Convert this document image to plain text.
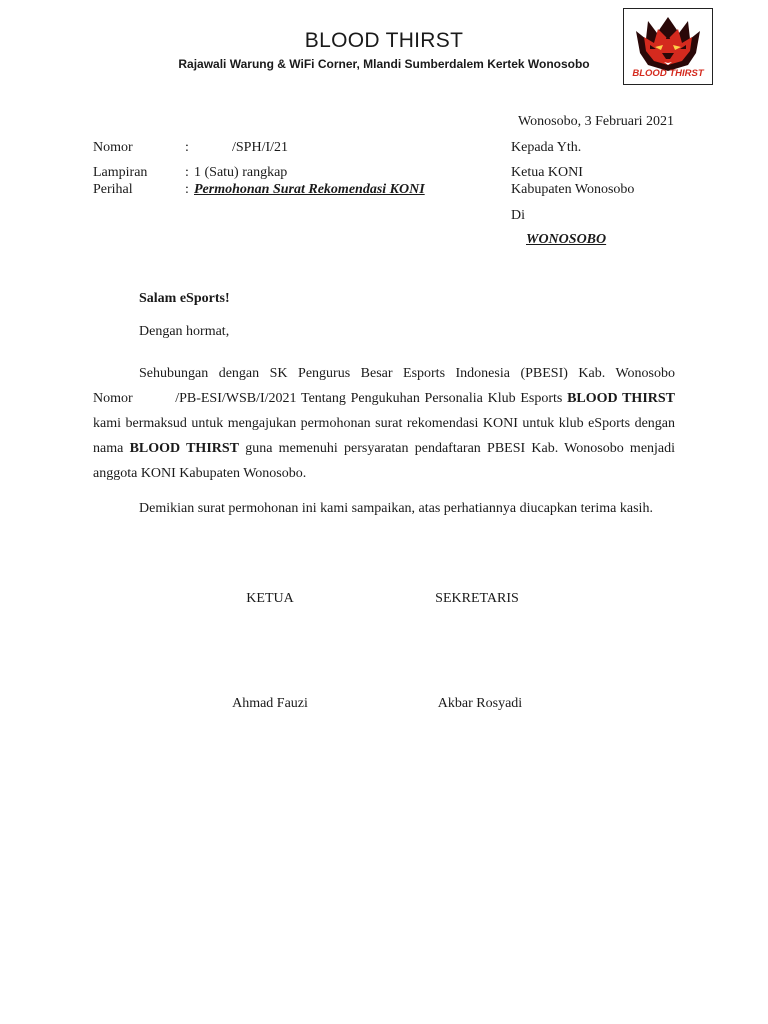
BLOOD THIRST
Rajawali Warung & WiFi Corner, Mlandi Sumberdalem Kertek Wonosobo
BLOOD THIRST
Wonosobo, 3 Februari 2021
Nomor	:	/SPH/I/21
Lampiran	: 1 (Satu) rangkap
Perihal	: Permohonan Surat Rekomendasi KONI
Kepada Yth.
Ketua KONI
Kabupaten Wonosobo
Di
WONOSOBO
Salam eSports!
Dengan hormat,
Sehubungan dengan SK Pengurus Besar Esports Indonesia (PBESI) Kab. Wonosobo Nomor	/PB-ESI/WSB/I/2021 Tentang Pengukuhan Personalia Klub Esports BLOOD THIRST kami bermaksud untuk mengajukan permohonan surat rekomendasi KONI untuk klub eSports dengan nama BLOOD THIRST guna memenuhi persyaratan pendaftaran PBESI Kab. Wonosobo menjadi anggota KONI Kabupaten Wonosobo.
Demikian surat permohonan ini kami sampaikan, atas perhatiannya diucapkan terima kasih.
KETUA	SEKRETARIS
Ahmad Fauzi	Akbar Rosyadi
